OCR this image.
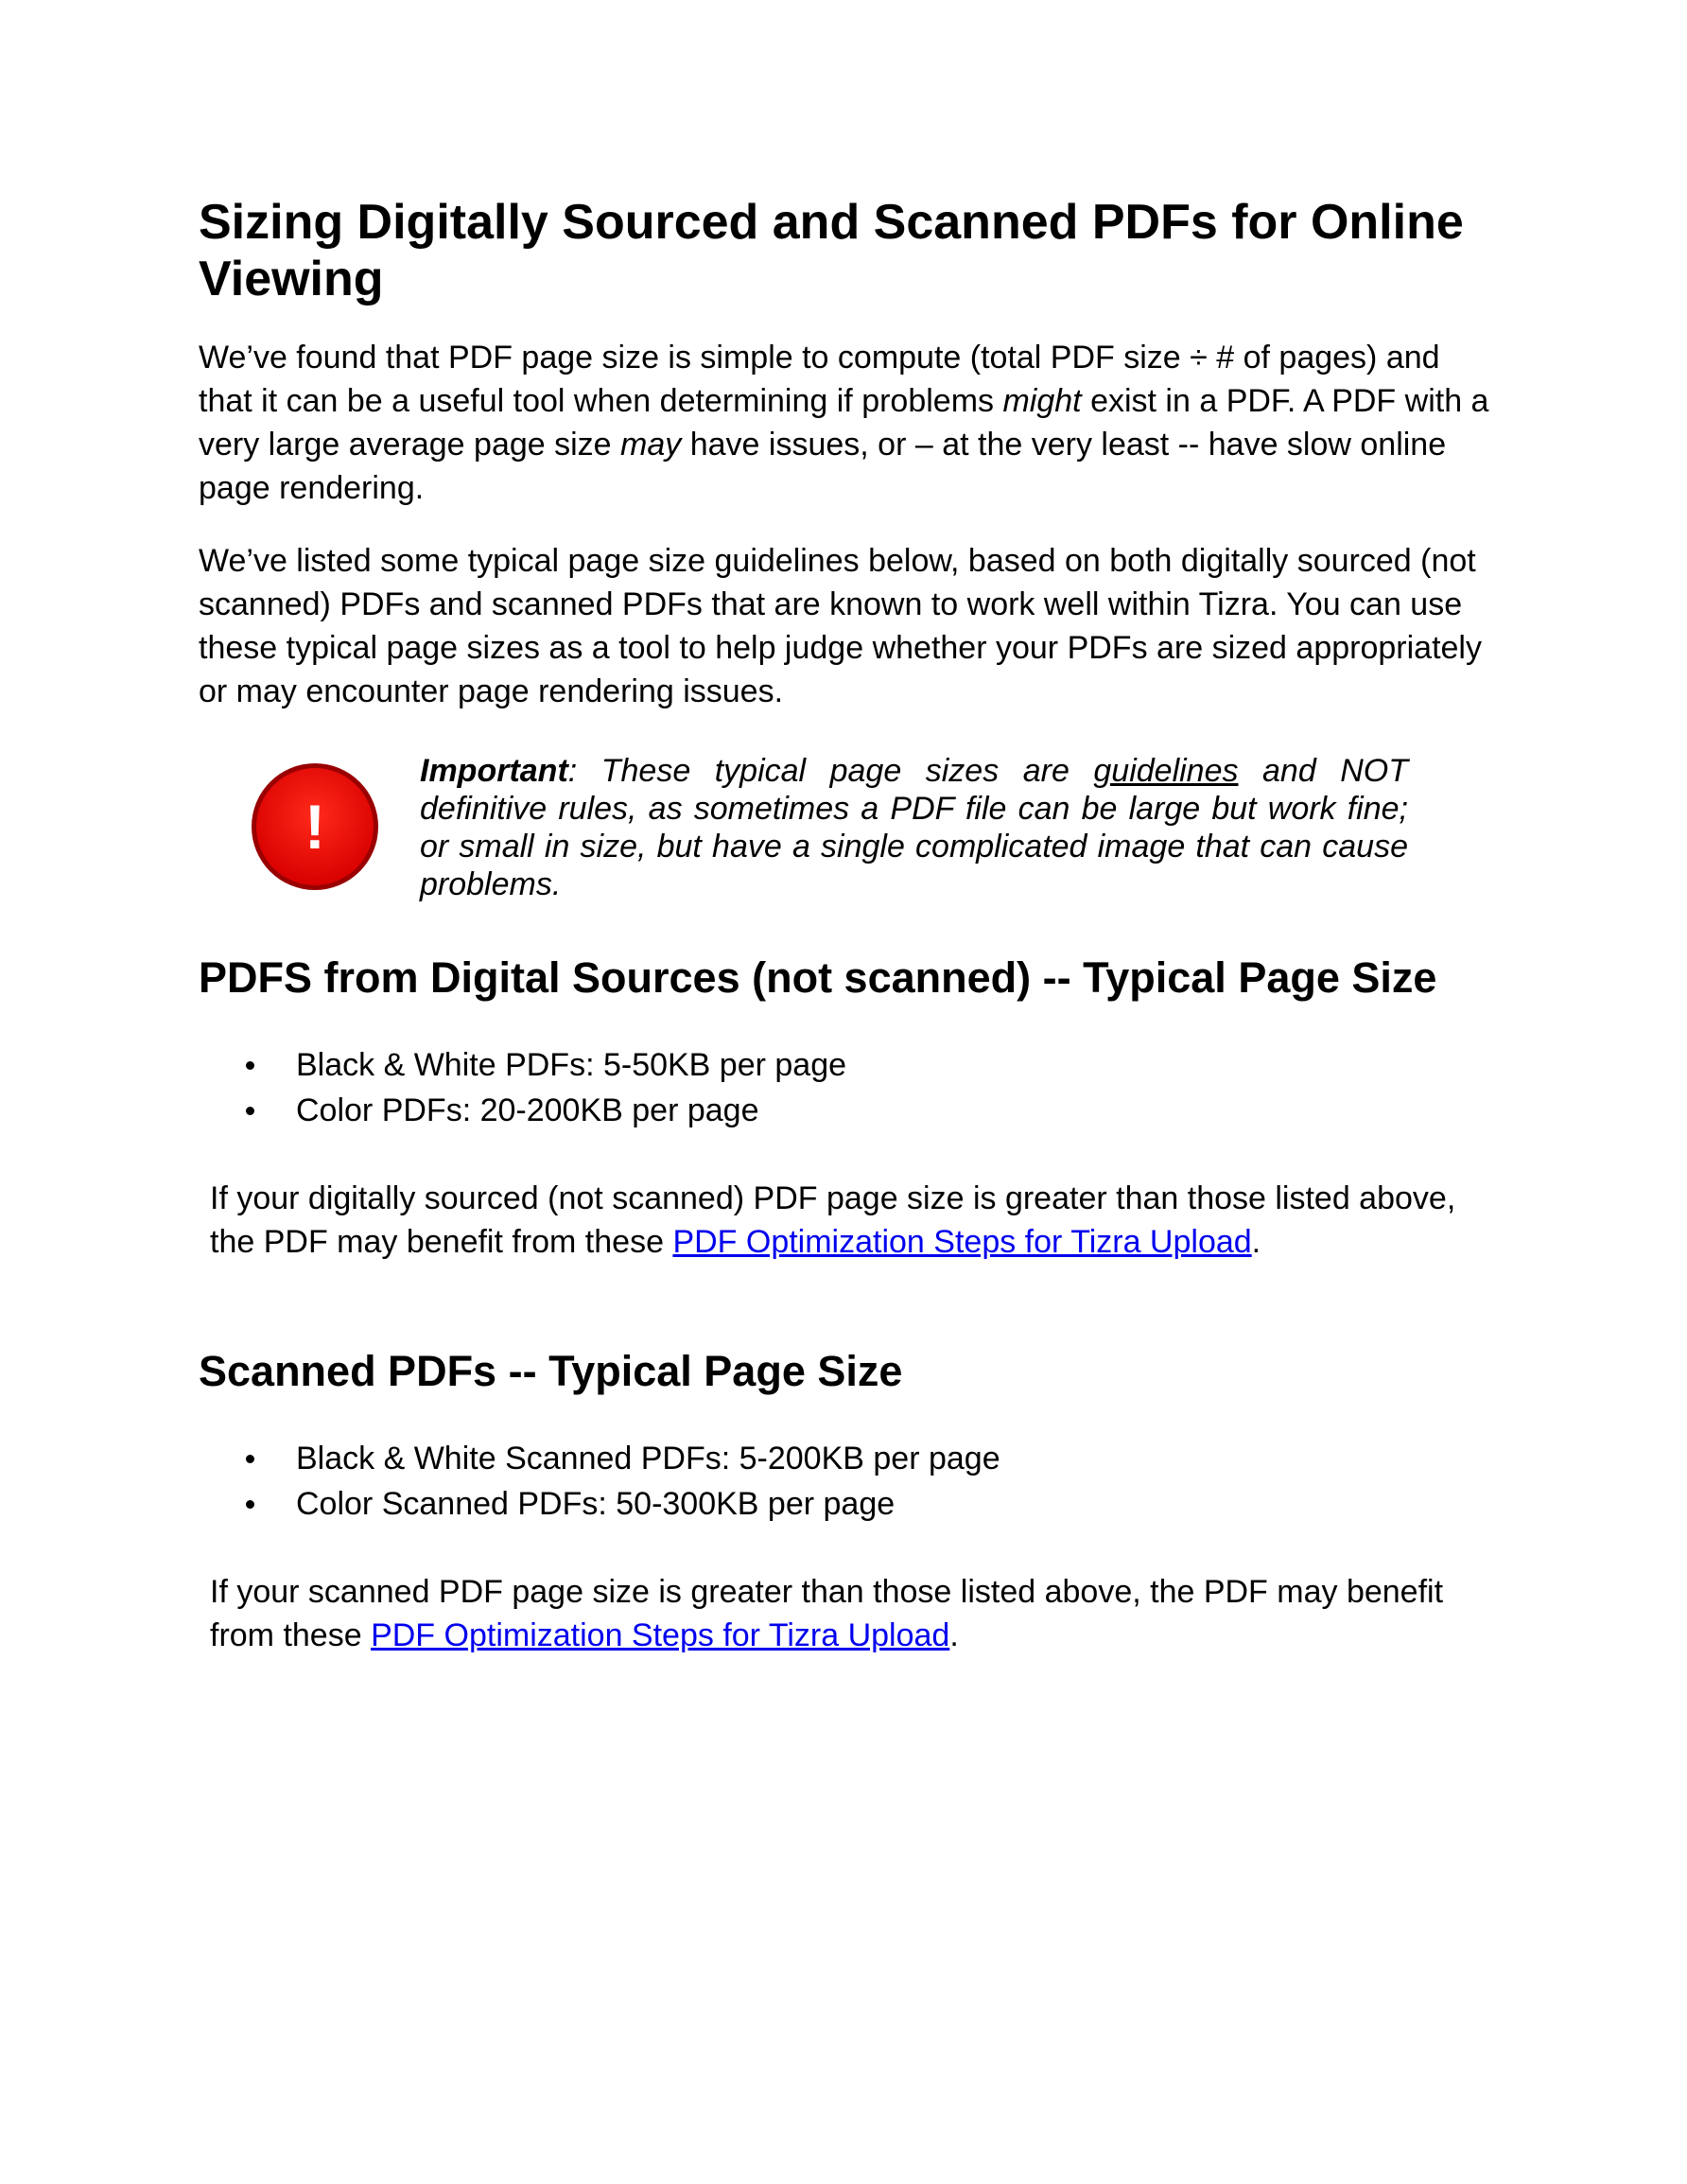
Sizing Digitally Sourced and Scanned PDFs for Online Viewing

We’ve found that PDF page size is simple to compute (total PDF size ÷ # of pages) and that it can be a useful tool when determining if problems might exist in a PDF. A PDF with a very large average page size may have issues, or – at the very least -- have slow online page rendering.

We’ve listed some typical page size guidelines below, based on both digitally sourced (not scanned) PDFs and scanned PDFs that are known to work well within Tizra. You can use these typical page sizes as a tool to help judge whether your PDFs are sized appropriately or may encounter page rendering issues.

!

Important: These typical page sizes are guidelines and NOT definitive rules, as sometimes a PDF file can be large but work fine; or small in size, but have a single complicated image that can cause problems.

PDFS from Digital Sources (not scanned) -- Typical Page Size
Black & White PDFs: 5-50KB per page
Color PDFs: 20-200KB per page

If your digitally sourced (not scanned) PDF page size is greater than those listed above, the PDF may benefit from these PDF Optimization Steps for Tizra Upload.

Scanned PDFs -- Typical Page Size
Black & White Scanned PDFs: 5-200KB per page
Color Scanned PDFs: 50-300KB per page

If your scanned PDF page size is greater than those listed above, the PDF may benefit from these PDF Optimization Steps for Tizra Upload.
